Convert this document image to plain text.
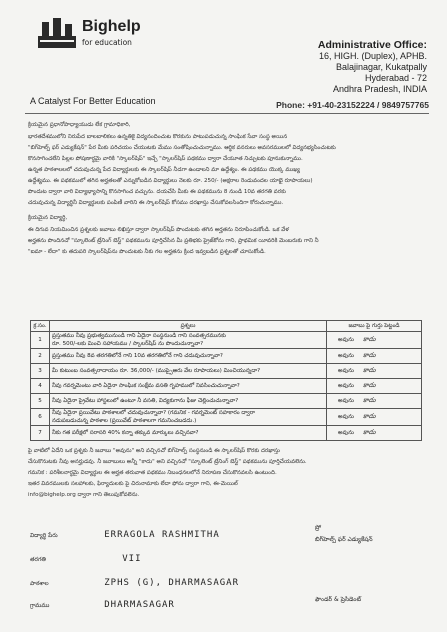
Bighelp
for education
A Catalyst For Better Education
Administrative Office:
16, HIGH. (Duplex), APHB.
Balajinagar, Kukatpally
Hyderabad - 72
Andhra Pradesh, INDIA
Phone: +91-40-23152224 / 9849757765
క్రియమైన ప్రధానోపాధ్యాయుడు లేక గ్రామాధికారి,
భారతదేశములోని నిరుపేద బాలబాలికలు ఉన్నతికై విద్యనందించుట కొరకును పాటుపడుచున్న సాంఘిక సేవా సంస్థ అయిన
"బిగ్‌హెల్ప్ ఫర్ ఎడ్యుకేషన్" పేర మీకు పరిచయం చేయుటకు మేము సంతోషించుచున్నాము. ఆర్థిక వనరులు అవసరములలో విద్యనభ్యసించుటకు
కొనసాగించలేని పిల్లల పోషణార్థమై వారికి "స్కాలర్‌షిప్" ఇచ్చే "స్కాలర్‌షిప్ పథకము ద్వారా చేయూత నిచ్చుటకు పూనుకున్నాము.
ఉన్నత పాఠశాలలలో చదువుచున్న పేద విద్యార్థులకు ఈ స్కాలర్‌షిప్ నీడగా ఉండాలని మా ఉద్దేశ్యం. ఈ పథకము యొక్క ముఖ్య
ఉద్దేశ్యము. ఈ పథకములో తగిన అర్హతలతో ఎన్నుకోబడిన విద్యార్థులు నెలకు రూ. 250/- (అక్షరాల రెండువందల యాభై రూపాయలు)
పొందుట ద్వారా వారి విద్యాభ్యాసాన్ని కొనసాగించ వచ్చును. దయచేసి మీకు ఈ పథకమును 8 నుండి 10వ తరగతి వరకు
చదువుచున్న విద్యార్థినీ విద్యార్థులకు పంపిణీ వారిని ఈ స్కాలర్‌షిప్ కోసము దరఖాస్తు చేసుకోవలసిందిగా కోరుచున్నాము.
క్రియమైన విద్యార్థి,
ఈ దిగువ నియమించిన ప్రశ్నలకు జవాబు లిఖిస్తూ ద్వారా స్కాలర్‌షిప్ పొందుటకు తగిన అర్హతను నిరూపించుకోండి. ఒక వేళ
అర్హతను పొందినచో "స్కూలెంట్ ట్రేనింగ్ బెస్ట్" పథకమును పూర్తిచేసిన మీ ప్రతిభకు ప్రైజ్‌కోను గాని, ప్రాథమిక యీవరికి మెంబరుకు గాని నీ
"ఐమా - లేదా" కు తదుపరి స్కాలర్‌షిప్‌ను పొందుటకు నీకు గల అర్హతను క్రింద ఇవ్వబడిన ప్రశ్నలతో చూసుకోండి.
క్ర.సం.	ప్రశ్నలు	జవాబు పై గుర్తు పెట్టండి
1	ప్రస్తుతము నీవు ప్రభుత్వమునుండి గాని ఏదైనా సంస్థనుండి గాని సంవత్సరమునకు
రూ. 500/-లకు మించి సహాయము / స్కాలర్‌షిప్ ను పొందుచున్నావా?	అవును కాదు
2	ప్రస్తుతము నీవు 8వ తరగతిలోనే గాని 10వ తరగతిలోనే గాని చదువుచున్నావా?	అవును కాదు
3	మీ కుటుంబ సంవత్సరాదాయం రూ. 36,000/- (ముప్పైఆరు వేల రూపాయలు) మించియున్నదా?	అవును కాదు
4	నీవు గవర్నమెంటు వారి ఏదైనా సాంఘిక సంక్షేమ వసతి గృహములో నివసించుచున్నావా?	అవును కాదు
5	నీవు ఏదైనా ప్రైవేటు హాస్టలులో ఉంటూ నీ వసతి, విద్యకుగాను ఫీజు చెల్లించుచున్నావా?	అవును కాదు
6	నీవు ఏదైనా ప్రయివేటు పాఠశాలలో చదువుచున్నావా? (గమనిక - గవర్నమెంట్ సహకారం ద్వారా
నడుపబడుచున్న పాఠశాల (ప్రయివేట్ పాఠశాలగా గమనించబడదు.)	అవును కాదు
7	నీకు గత పరీక్షలో సరాసరి 40% కన్నా తక్కువ మార్కులు వచ్చినవా?	అవును కాదు
పై వాటిలో ఏదేని ఒక ప్రశ్నకు నీ జవాబు "అవును" అని వచ్చినచో బిగ్‌హెల్ప్ సంస్థనుండి ఈ స్కాలర్‌షిప్ కొరకు దరఖాస్తు
చేసుకొనుటకు నీవు అనర్హుడవు. నీ జవాబులు అన్నీ "కాదు" అని వచ్చినచో "స్కూలెంట్ ట్రేనింగ్ బెస్ట్" పథకమును పూర్తిచేయవలెను.
గమనిక : పరిశీలనార్థమై విద్యార్థుల ఈ అర్హత తరువాత పథకము నిబంధనలలోనే నిరూపణ చేసుకొనవలసి ఉంటుంది.
ఇతర వివరములకు సలహాలకు, ఫిర్యాదులకు పై చిరునామాకు లేదా ఫోను ద్వారా గాని, ఈ-మెయిల్
info@bighelp.org ద్వారా గాని తెలుపుకోవలెను.
విద్యార్థి పేరు	ERRAGOLA RASHMITHA
ప్రో
బిగ్‌హెల్ప్ ఫర్ ఎడ్యుకేషన్
తరగతి	VII
పాఠశాల	ZPHS (G), DHARMASAGAR
గ్రామము	DHARMASAGAR
ఫౌండర్ & ప్రెసిడెంట్
